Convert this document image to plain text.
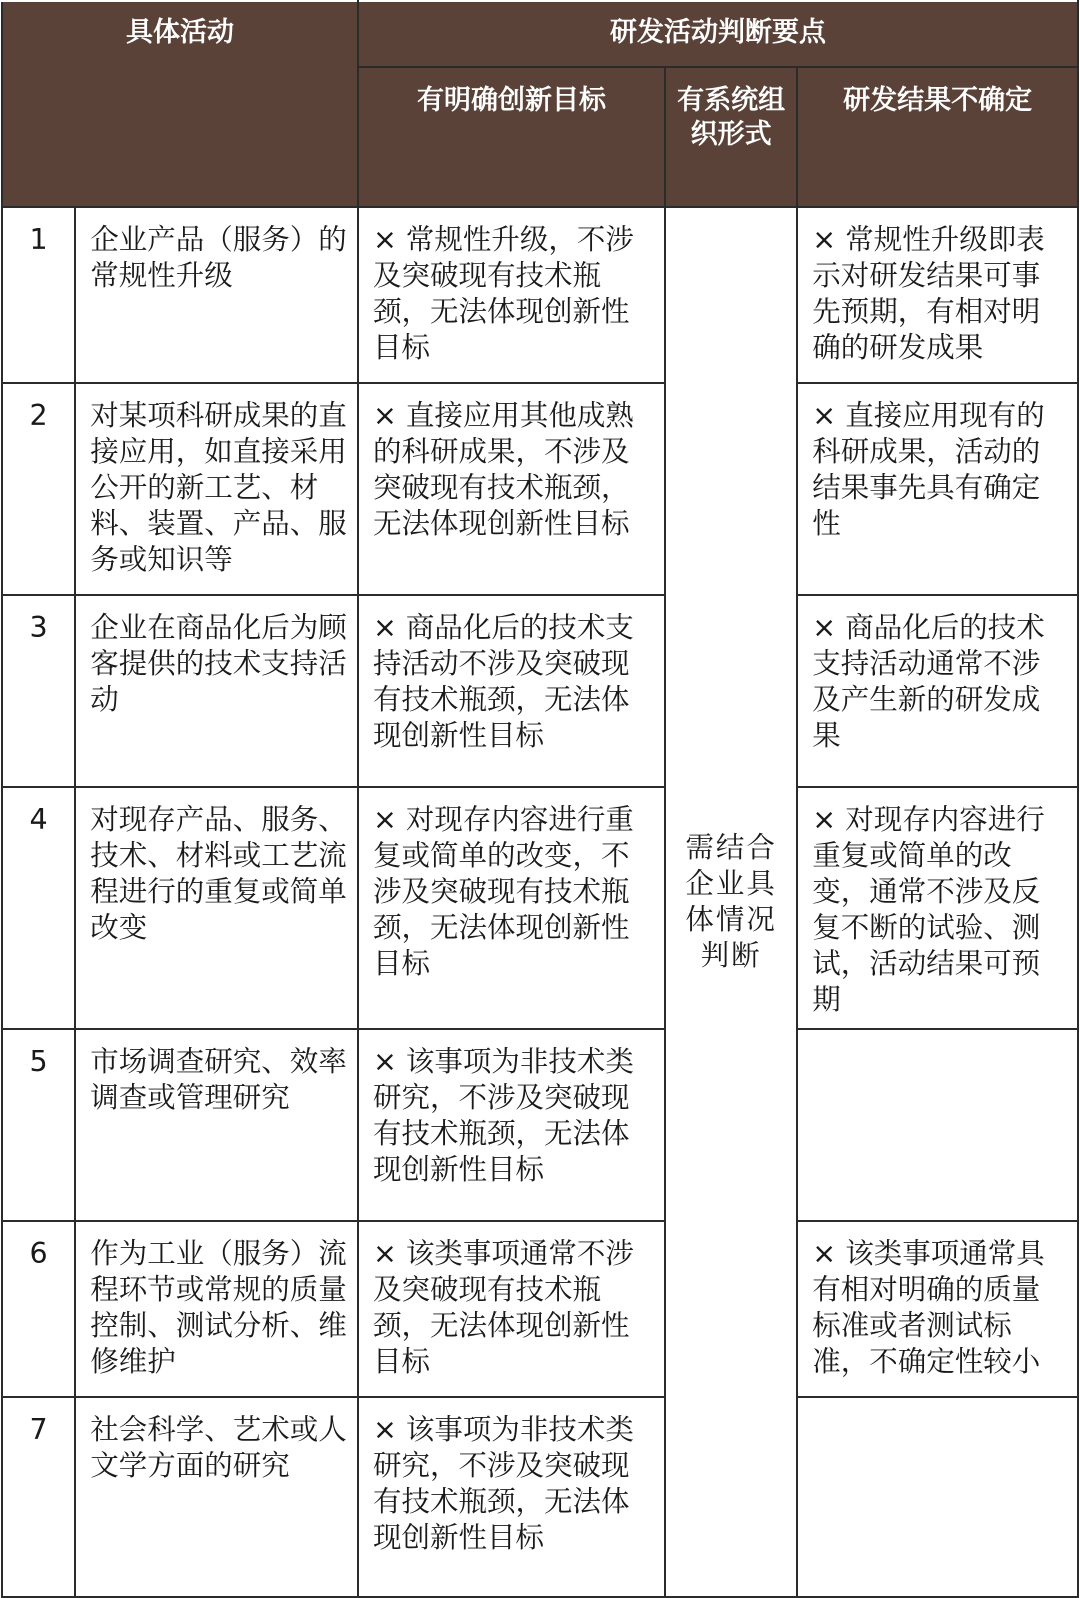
具体活动		研发活动判断要点		
		有明确创新目标	有系统组织形式	研发结果不确定
1	企业产品（服务）的常规性升级	× 常规性升级，不涉及突破现有技术瓶颈，无法体现创新性目标	需结合企业具体情况判断	× 常规性升级即表示对研发结果可事先预期，有相对明确的研发成果
2	对某项科研成果的直接应用，如直接采用公开的新工艺、材料、装置、产品、服务或知识等	× 直接应用其他成熟的科研成果，不涉及突破现有技术瓶颈，无法体现创新性目标		× 直接应用现有的科研成果，活动的结果事先具有确定性
3	企业在商品化后为顾客提供的技术支持活动	× 商品化后的技术支持活动不涉及突破现有技术瓶颈，无法体现创新性目标		× 商品化后的技术支持活动通常不涉及产生新的研发成果
4	对现存产品、服务、技术、材料或工艺流程进行的重复或简单改变	× 对现存内容进行重复或简单的改变，不涉及突破现有技术瓶颈，无法体现创新性目标		× 对现存内容进行重复或简单的改变，通常不涉及反复不断的试验、测试，活动结果可预期
5	市场调查研究、效率调查或管理研究	× 该事项为非技术类研究，不涉及突破现有技术瓶颈，无法体现创新性目标		
6	作为工业（服务）流程环节或常规的质量控制、测试分析、维修维护	× 该类事项通常不涉及突破现有技术瓶颈，无法体现创新性目标		× 该类事项通常具有相对明确的质量标准或者测试标准，不确定性较小
7	社会科学、艺术或人文学方面的研究	× 该事项为非技术类研究，不涉及突破现有技术瓶颈，无法体现创新性目标		
